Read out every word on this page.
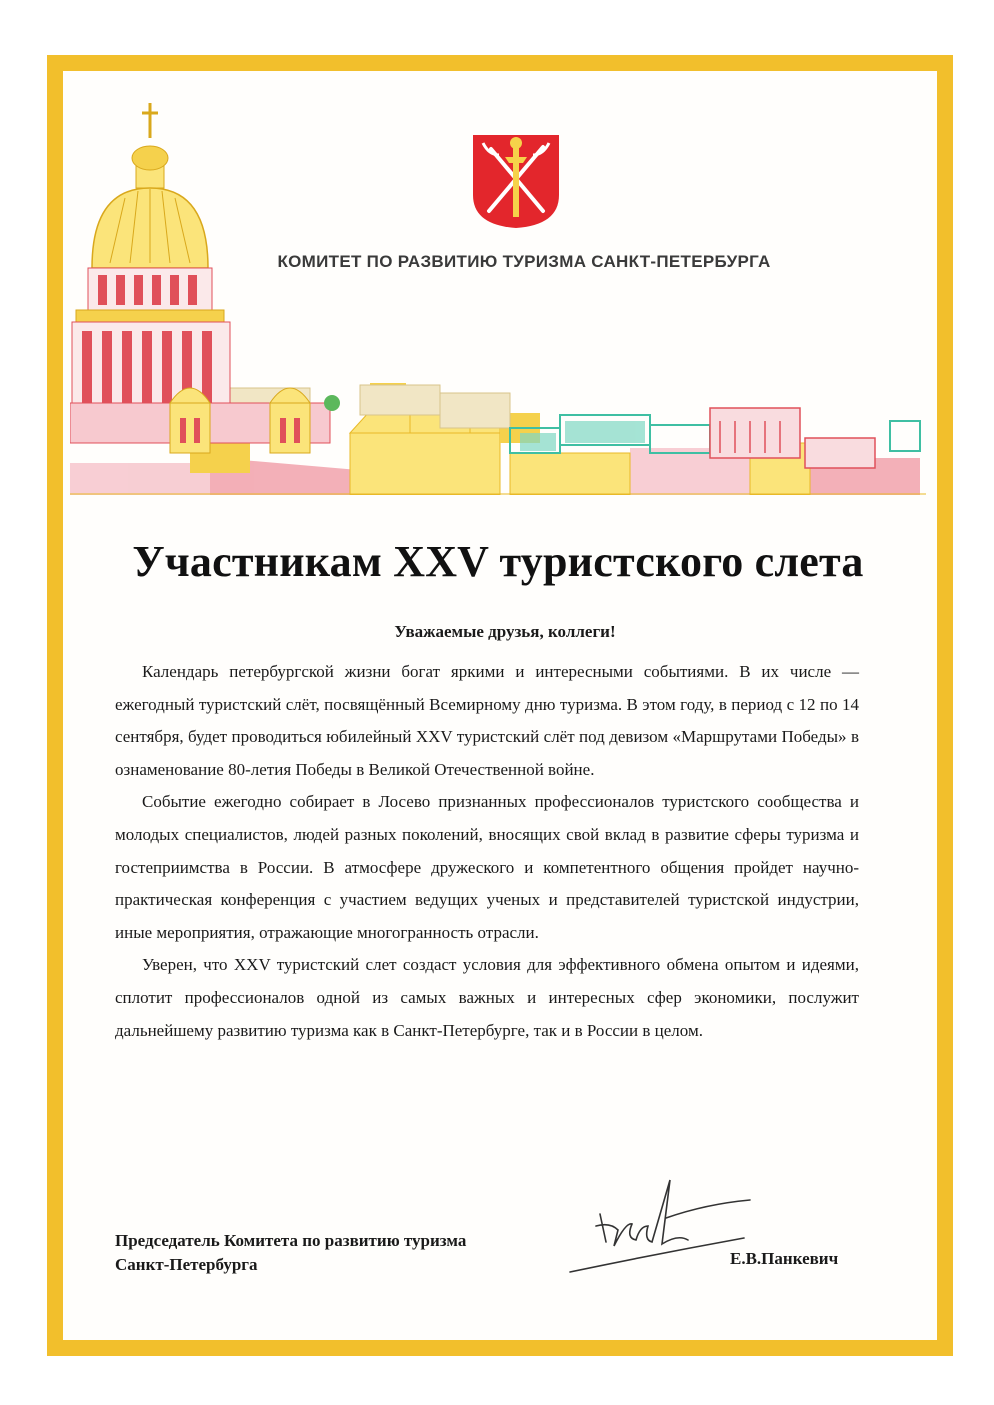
КОМИТЕТ ПО РАЗВИТИЮ ТУРИЗМА САНКТ-ПЕТЕРБУРГА
Участникам XXV туристского слета
Уважаемые друзья, коллеги!

Календарь петербургской жизни богат яркими и интересными событиями. В их числе — ежегодный туристский слёт, посвящённый Всемирному дню туризма. В этом году, в период с 12 по 14 сентября, будет проводиться юбилейный XXV туристский слёт под девизом «Маршрутами Победы» в ознаменование 80-летия Победы в Великой Отечественной войне.

Событие ежегодно собирает в Лосево признанных профессионалов туристского сообщества и молодых специалистов, людей разных поколений, вносящих свой вклад в развитие сферы туризма и гостеприимства в России. В атмосфере дружеского и компетентного общения пройдет научно-практическая конференция с участием ведущих ученых и представителей туристской индустрии, иные мероприятия, отражающие многогранность отрасли.

Уверен, что XXV туристский слет создаст условия для эффективного обмена опытом и идеями, сплотит профессионалов одной из самых важных и интересных сфер экономики, послужит дальнейшему развитию туризма как в Санкт-Петербурге, так и в России в целом.

Председатель Комитета по развитию туризма
Санкт-Петербурга	Е.В.Панкевич
